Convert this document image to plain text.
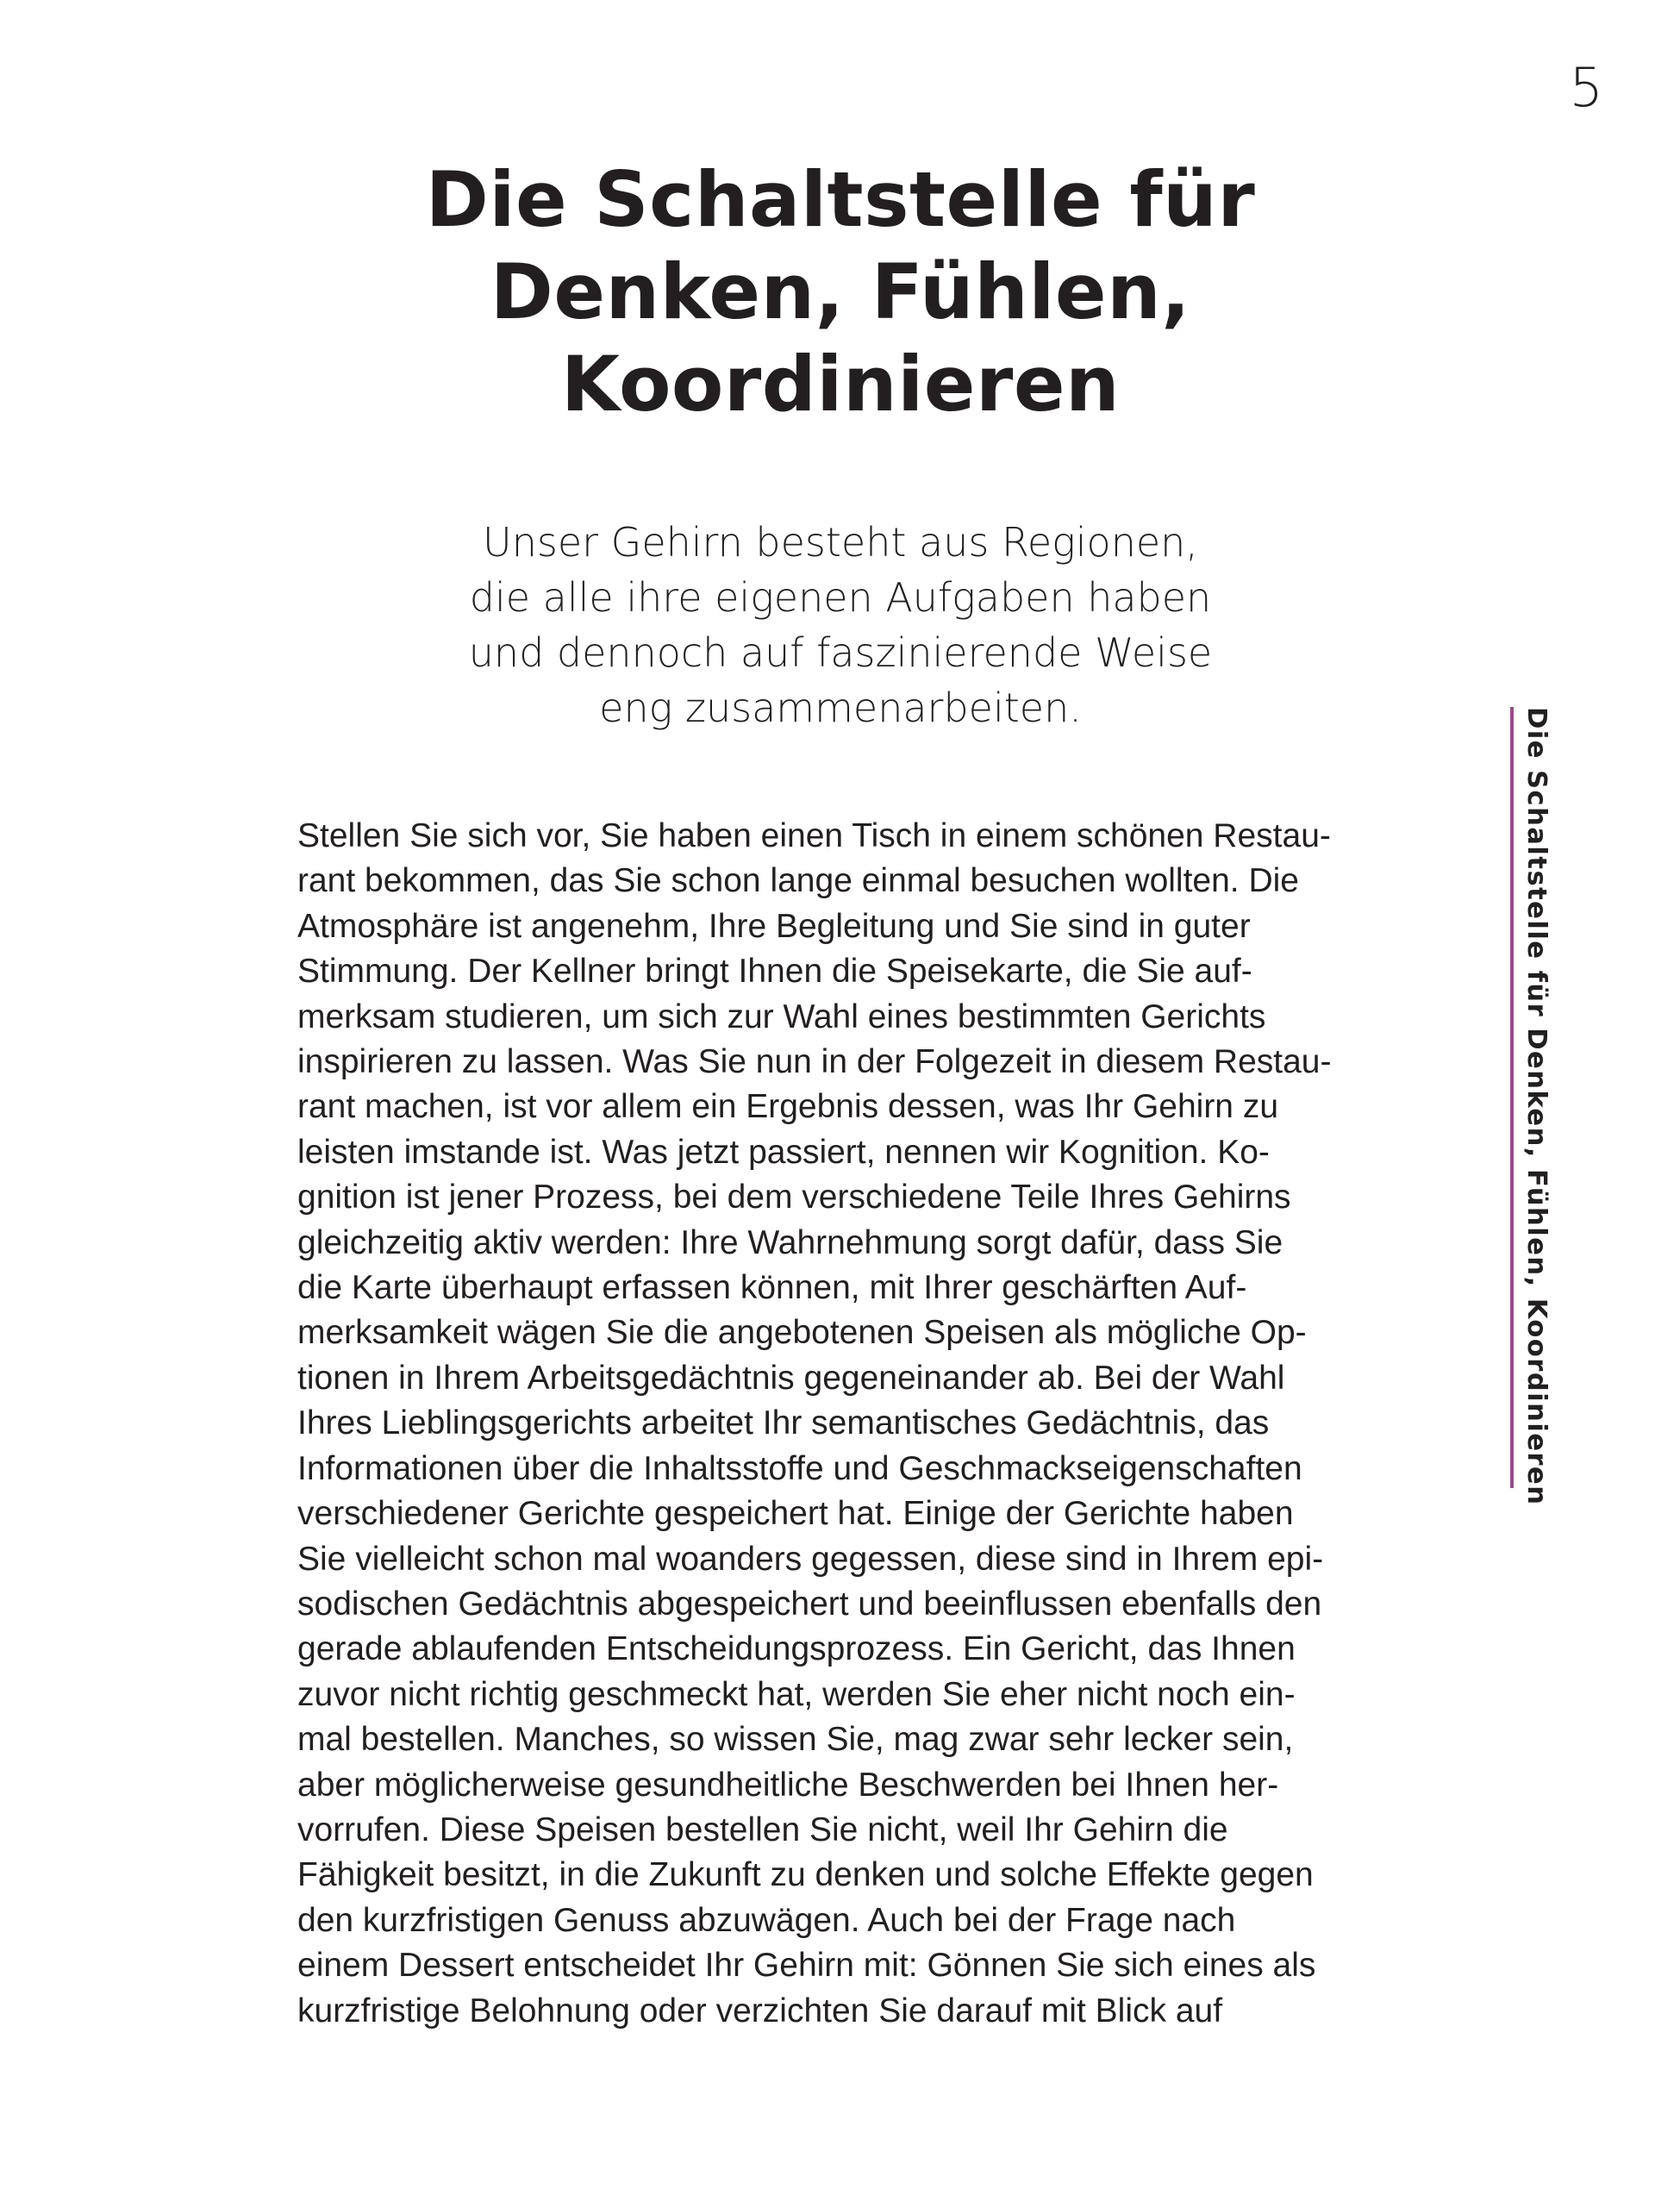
5
Die Schaltstelle für
Denken, Fühlen,
Koordinieren

Unser Gehirn besteht aus Regionen,
die alle ihre eigenen Aufgaben haben
und dennoch auf faszinierende Weise
eng zusammenarbeiten.

Stellen Sie sich vor, Sie haben einen Tisch in einem schönen Restau-
rant bekommen, das Sie schon lange einmal besuchen wollten. Die
Atmosphäre ist angenehm, Ihre Begleitung und Sie sind in guter
Stimmung. Der Kellner bringt Ihnen die Speisekarte, die Sie auf-
merksam studieren, um sich zur Wahl eines bestimmten Gerichts
inspirieren zu lassen. Was Sie nun in der Folgezeit in diesem Restau-
rant machen, ist vor allem ein Ergebnis dessen, was Ihr Gehirn zu
leisten imstande ist. Was jetzt passiert, nennen wir Kognition. Ko-
gnition ist jener Prozess, bei dem verschiedene Teile Ihres Gehirns
gleichzeitig aktiv werden: Ihre Wahrnehmung sorgt dafür, dass Sie
die Karte überhaupt erfassen können, mit Ihrer geschärften Auf-
merksamkeit wägen Sie die angebotenen Speisen als mögliche Op-
tionen in Ihrem Arbeitsgedächtnis gegeneinander ab. Bei der Wahl
Ihres Lieblingsgerichts arbeitet Ihr semantisches Gedächtnis, das
Informationen über die Inhaltsstoffe und Geschmackseigenschaften
verschiedener Gerichte gespeichert hat. Einige der Gerichte haben
Sie vielleicht schon mal woanders gegessen, diese sind in Ihrem epi-
sodischen Gedächtnis abgespeichert und beeinflussen ebenfalls den
gerade ablaufenden Entscheidungsprozess. Ein Gericht, das Ihnen
zuvor nicht richtig geschmeckt hat, werden Sie eher nicht noch ein-
mal bestellen. Manches, so wissen Sie, mag zwar sehr lecker sein,
aber möglicherweise gesundheitliche Beschwerden bei Ihnen her-
vorrufen. Diese Speisen bestellen Sie nicht, weil Ihr Gehirn die
Fähigkeit besitzt, in die Zukunft zu denken und solche Effekte gegen
den kurzfristigen Genuss abzuwägen. Auch bei der Frage nach
einem Dessert entscheidet Ihr Gehirn mit: Gönnen Sie sich eines als
kurzfristige Belohnung oder verzichten Sie darauf mit Blick auf
Die Schaltstelle für Denken, Fühlen, Koordinieren
